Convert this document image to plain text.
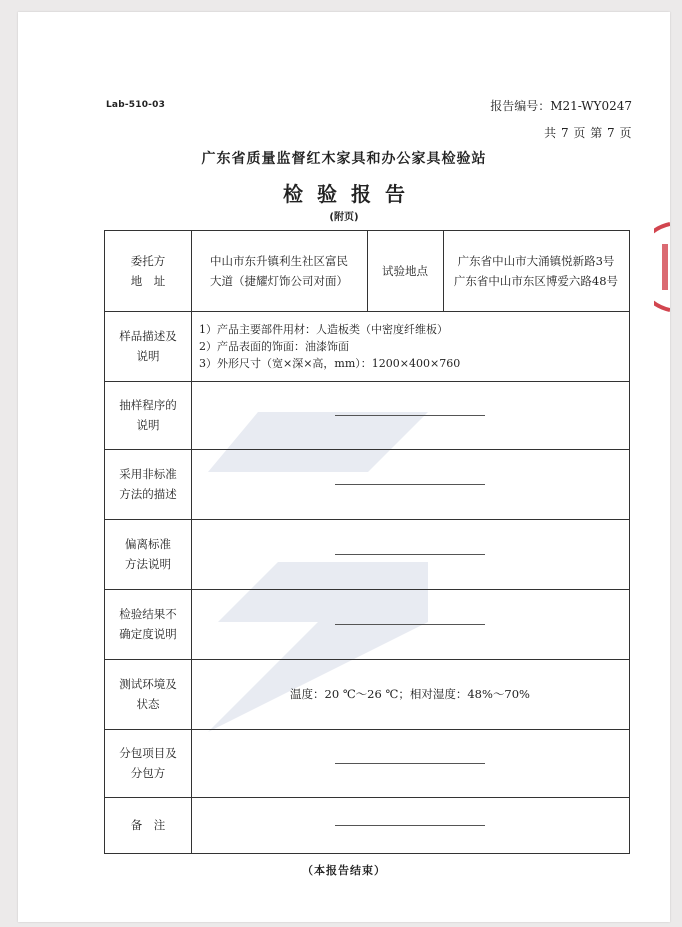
Lab-510-03	报告编号：M21-WY0247
共 7 页 第 7 页
广东省质量监督红木家具和办公家具检验站
检验报告
(附页)
委托方
地　址
中山市东升镇利生社区富民
大道（捷耀灯饰公司对面）
试验地点
广东省中山市大涌镇悦新路3号
广东省中山市东区博爱六路48号
样品描述及
说明
1）产品主要部件用材：人造板类（中密度纤维板）
2）产品表面的饰面：油漆饰面
3）外形尺寸（宽×深×高，mm）：1200×400×760
抽样程序的
说明
采用非标准
方法的描述
偏离标准
方法说明
检验结果不
确定度说明
测试环境及
状态
温度：20 ℃～26 ℃；相对湿度：48%～70%
分包项目及
分包方
备　注
（本报告结束）
